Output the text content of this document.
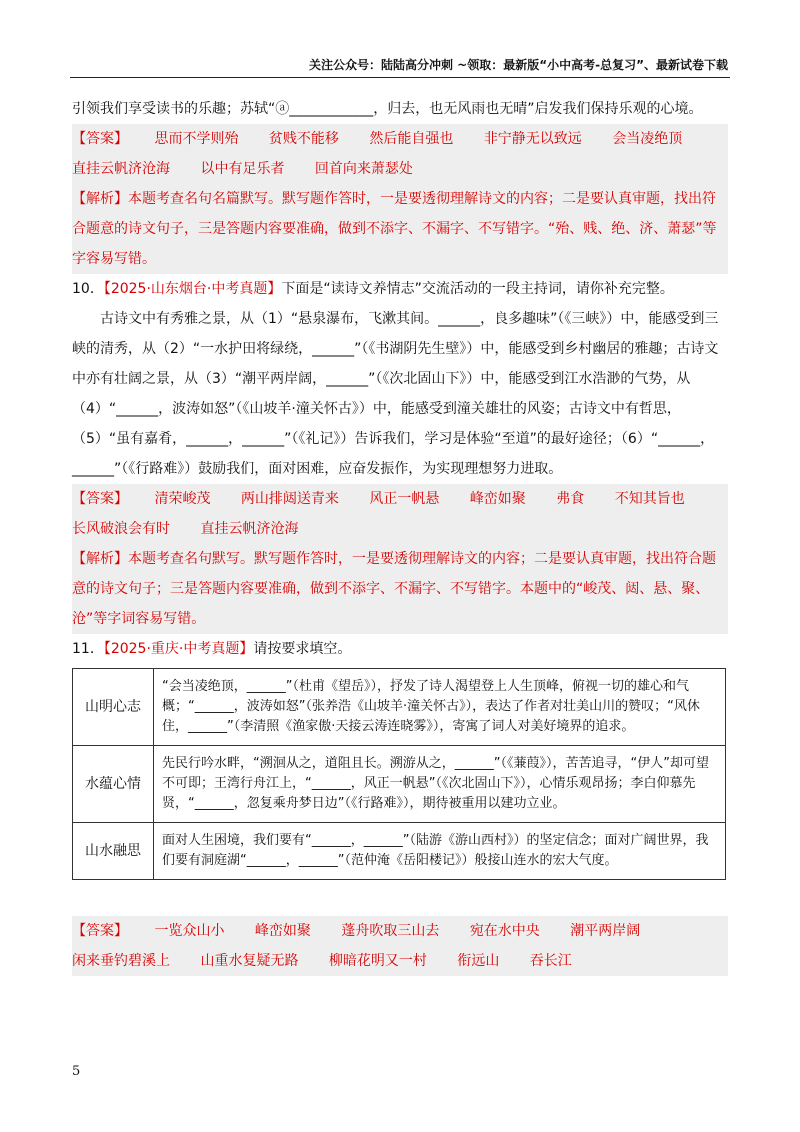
关注公众号：陆陆高分冲刺 ~领取：最新版“小中高考-总复习”、最新试卷下载

引领我们享受读书的乐趣；苏轼“ⓐ____________，归去，也无风雨也无晴”启发我们保持乐观的心境。

【答案】 思而不学则殆 贫贱不能移 然后能自强也 非宁静无以致远 会当凌绝顶 直挂云帆济沧海 以中有足乐者 回首向来萧瑟处

【解析】本题考查名句名篇默写。默写题作答时，一是要透彻理解诗文的内容；二是要认真审题，找出符合题意的诗文句子，三是答题内容要准确，做到不添字、不漏字、不写错字。“殆、贱、绝、济、萧瑟”等字容易写错。

10．【2025·山东烟台·中考真题】下面是“读诗文养情志”交流活动的一段主持词，请你补充完整。

古诗文中有秀雅之景，从（1）“悬泉瀑布，飞漱其间。______，良多趣味”（《三峡》）中，能感受到三峡的清秀，从（2）“一水护田将绿绕，______”（《书湖阴先生壁》）中，能感受到乡村幽居的雅趣；古诗文中亦有壮阔之景，从（3）“潮平两岸阔，______”（《次北固山下》）中，能感受到江水浩渺的气势，从（4）“______，波涛如怒”（《山坡羊·潼关怀古》）中，能感受到潼关雄壮的风姿；古诗文中有哲思，（5）“虽有嘉肴，______，______”（《礼记》）告诉我们，学习是体验“至道”的最好途径；（6）“______，______”（《行路难》）鼓励我们，面对困难，应奋发振作，为实现理想努力进取。

【答案】 清荣峻茂 两山排闼送青来 风正一帆悬 峰峦如聚 弗食 不知其旨也 长风破浪会有时 直挂云帆济沧海

【解析】本题考查名句默写。默写题作答时，一是要透彻理解诗文的内容；二是要认真审题，找出符合题意的诗文句子；三是答题内容要准确，做到不添字、不漏字、不写错字。本题中的“峻茂、闼、悬、聚、沧”等字词容易写错。

11．【2025·重庆·中考真题】请按要求填空。

山明心志	“会当凌绝顶，______”（杜甫《望岳》），抒发了诗人渴望登上人生顶峰，俯视一切的雄心和气概；“______，波涛如怒”（张养浩《山坡羊·潼关怀古》），表达了作者对壮美山川的赞叹；“风休住，______”（李清照《渔家傲·天接云涛连晓雾》），寄寓了词人对美好境界的追求。
水蕴心情	先民行吟水畔，“溯洄从之，道阻且长。溯游从之，______”（《蒹葭》），苦苦追寻，“伊人”却可望不可即；王湾行舟江上，“______，风正一帆悬”（《次北固山下》），心情乐观昂扬；李白仰慕先贤，“______，忽复乘舟梦日边”（《行路难》），期待被重用以建功立业。
山水融思	面对人生困境，我们要有“______，______”（陆游《游山西村》）的坚定信念；面对广阔世界，我们要有洞庭湖“______，______”（范仲淹《岳阳楼记》）般接山连水的宏大气度。
【答案】 一览众山小 峰峦如聚 蓬舟吹取三山去 宛在水中央 潮平两岸阔 闲来垂钓碧溪上 山重水复疑无路 柳暗花明又一村 衔远山 吞长江
5
